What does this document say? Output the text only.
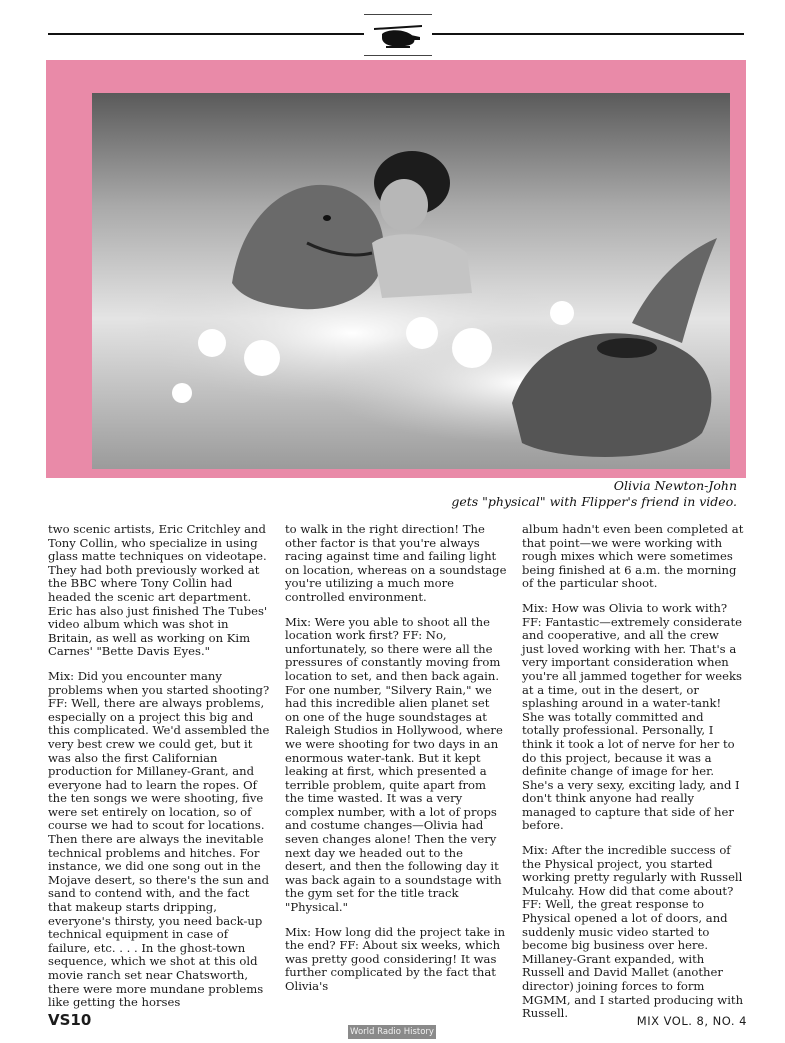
Olivia Newton-John
gets "physical" with Flipper's friend in video.

two scenic artists, Eric Critchley and Tony Collin, who specialize in using glass matte techniques on videotape. They had both previously worked at the BBC where Tony Collin had headed the scenic art department. Eric has also just finished The Tubes' video album which was shot in Britain, as well as working on Kim Carnes' "Bette Davis Eyes."

Mix: Did you encounter many problems when you started shooting? FF: Well, there are always problems, especially on a project this big and this complicated. We'd assembled the very best crew we could get, but it was also the first Californian production for Millaney-Grant, and everyone had to learn the ropes. Of the ten songs we were shooting, five were set entirely on location, so of course we had to scout for locations. Then there are always the inevitable technical problems and hitches. For instance, we did one song out in the Mojave desert, so there's the sun and sand to contend with, and the fact that makeup starts dripping, everyone's thirsty, you need back-up technical equipment in case of failure, etc. . . . In the ghost-town sequence, which we shot at this old movie ranch set near Chatsworth, there were more mundane problems like getting the horses

to walk in the right direction! The other factor is that you're always racing against time and failing light on location, whereas on a soundstage you're utilizing a much more controlled environment.

Mix: Were you able to shoot all the location work first? FF: No, unfortunately, so there were all the pressures of constantly moving from location to set, and then back again. For one number, "Silvery Rain," we had this incredible alien planet set on one of the huge soundstages at Raleigh Studios in Hollywood, where we were shooting for two days in an enormous water-tank. But it kept leaking at first, which presented a terrible problem, quite apart from the time wasted. It was a very complex number, with a lot of props and costume changes—Olivia had seven changes alone! Then the very next day we headed out to the desert, and then the following day it was back again to a soundstage with the gym set for the title track "Physical."

Mix: How long did the project take in the end? FF: About six weeks, which was pretty good considering! It was further complicated by the fact that Olivia's

album hadn't even been completed at that point—we were working with rough mixes which were sometimes being finished at 6 a.m. the morning of the particular shoot.

Mix: How was Olivia to work with? FF: Fantastic—extremely considerate and cooperative, and all the crew just loved working with her. That's a very important consideration when you're all jammed together for weeks at a time, out in the desert, or splashing around in a water-tank! She was totally committed and totally professional. Personally, I think it took a lot of nerve for her to do this project, because it was a definite change of image for her. She's a very sexy, exciting lady, and I don't think anyone had really managed to capture that side of her before.

Mix: After the incredible success of the Physical project, you started working pretty regularly with Russell Mulcahy. How did that come about? FF: Well, the great response to Physical opened a lot of doors, and suddenly music video started to become big business over here. Millaney-Grant expanded, with Russell and David Mallet (another director) joining forces to form MGMM, and I started producing with Russell.

VS10	MIX VOL. 8, NO. 4
World Radio History
